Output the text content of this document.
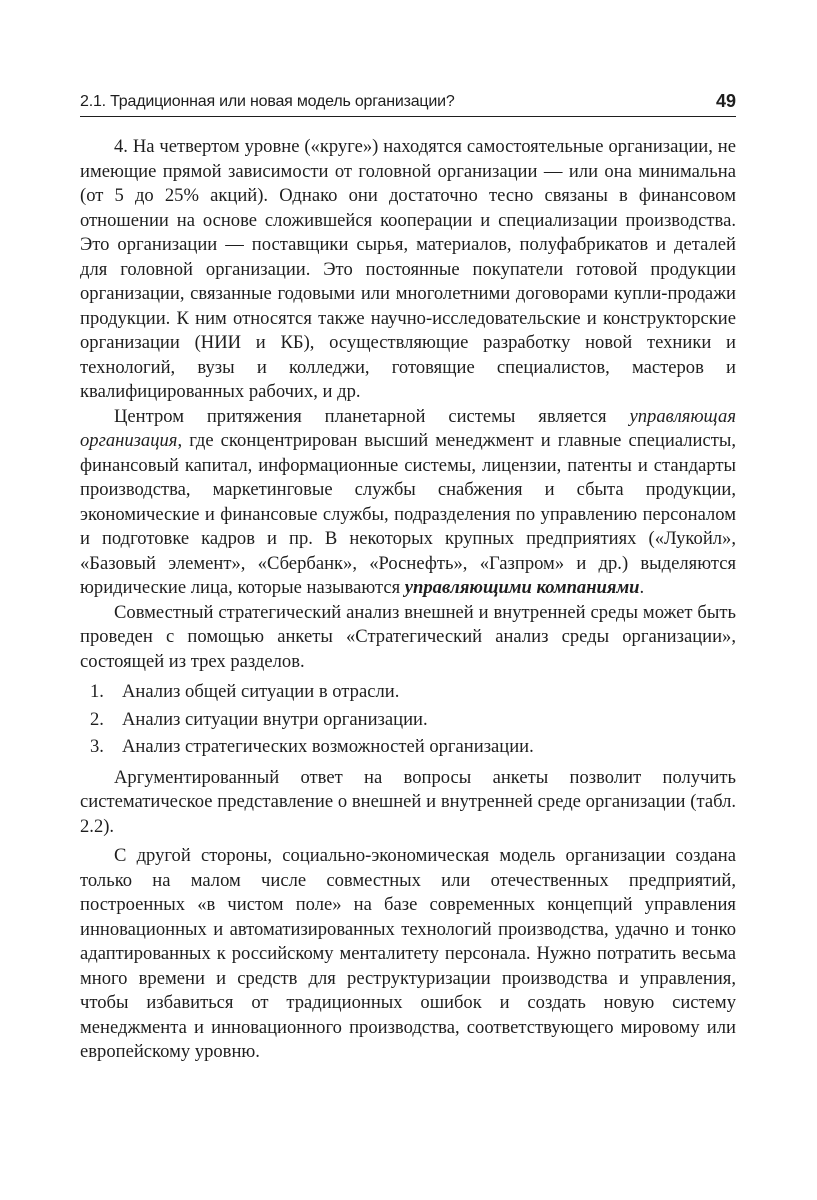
2.1. Традиционная или новая модель организации?	49

4. На четвертом уровне («круге») находятся самостоятельные организации, не имеющие прямой зависимости от головной организации — или она минимальна (от 5 до 25% акций). Однако они достаточно тесно связаны в финансовом отношении на основе сложившейся кооперации и специализации производства. Это организации — поставщики сырья, материалов, полуфабрикатов и деталей для головной организации. Это постоянные покупатели готовой продукции организации, связанные годовыми или многолетними договорами купли-продажи продукции. К ним относятся также научно-исследовательские и конструкторские организации (НИИ и КБ), осуществляющие разработку новой техники и технологий, вузы и колледжи, готовящие специалистов, мастеров и квалифицированных рабочих, и др.

Центром притяжения планетарной системы является управляющая организация, где сконцентрирован высший менеджмент и главные специалисты, финансовый капитал, информационные системы, лицензии, патенты и стандарты производства, маркетинговые службы снабжения и сбыта продукции, экономические и финансовые службы, подразделения по управлению персоналом и подготовке кадров и пр. В некоторых крупных предприятиях («Лукойл», «Базовый элемент», «Сбербанк», «Роснефть», «Газпром» и др.) выделяются юридические лица, которые называются управляющими компаниями.

Совместный стратегический анализ внешней и внутренней среды может быть проведен с помощью анкеты «Стратегический анализ среды организации», состоящей из трех разделов.

1. Анализ общей ситуации в отрасли.
2. Анализ ситуации внутри организации.
3. Анализ стратегических возможностей организации.

Аргументированный ответ на вопросы анкеты позволит получить систематическое представление о внешней и внутренней среде организации (табл. 2.2).

С другой стороны, социально-экономическая модель организации создана только на малом числе совместных или отечественных предприятий, построенных «в чистом поле» на базе современных концепций управления инновационных и автоматизированных технологий производства, удачно и тонко адаптированных к российскому менталитету персонала. Нужно потратить весьма много времени и средств для реструктуризации производства и управления, чтобы избавиться от традиционных ошибок и создать новую систему менеджмента и инновационного производства, соответствующего мировому или европейскому уровню.
